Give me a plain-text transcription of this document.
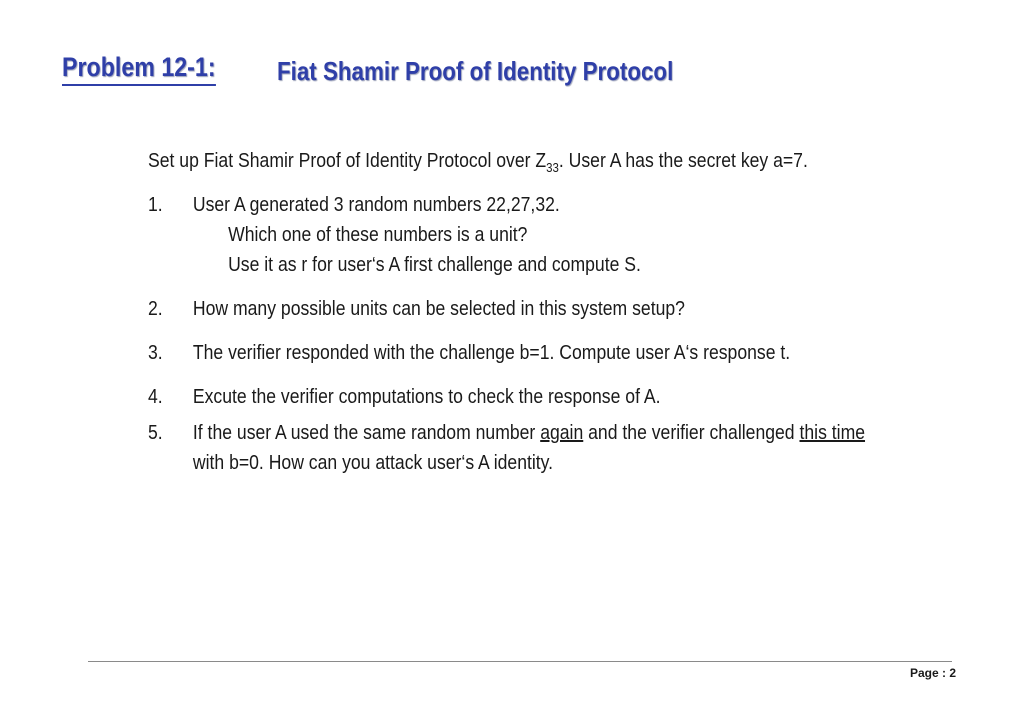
Problem 12-1: Fiat Shamir Proof of Identity Protocol
Set up Fiat Shamir Proof of Identity Protocol over $Z_{33}$. User A has the secret key a=7.
1.	User A generated 3 random numbers 22,27,32.
Which one of these numbers is a unit?
Use it as r for user‘s A first challenge and compute S.
2.	How many possible units can be selected in this system setup?
3.	The verifier responded with the challenge b=1. Compute user A‘s response t.
4.	Excute the verifier computations to check the response of A.
5.	If the user A used the same random number again and the verifier challenged this time with b=0. How can you attack user‘s A identity.
Page : 2
